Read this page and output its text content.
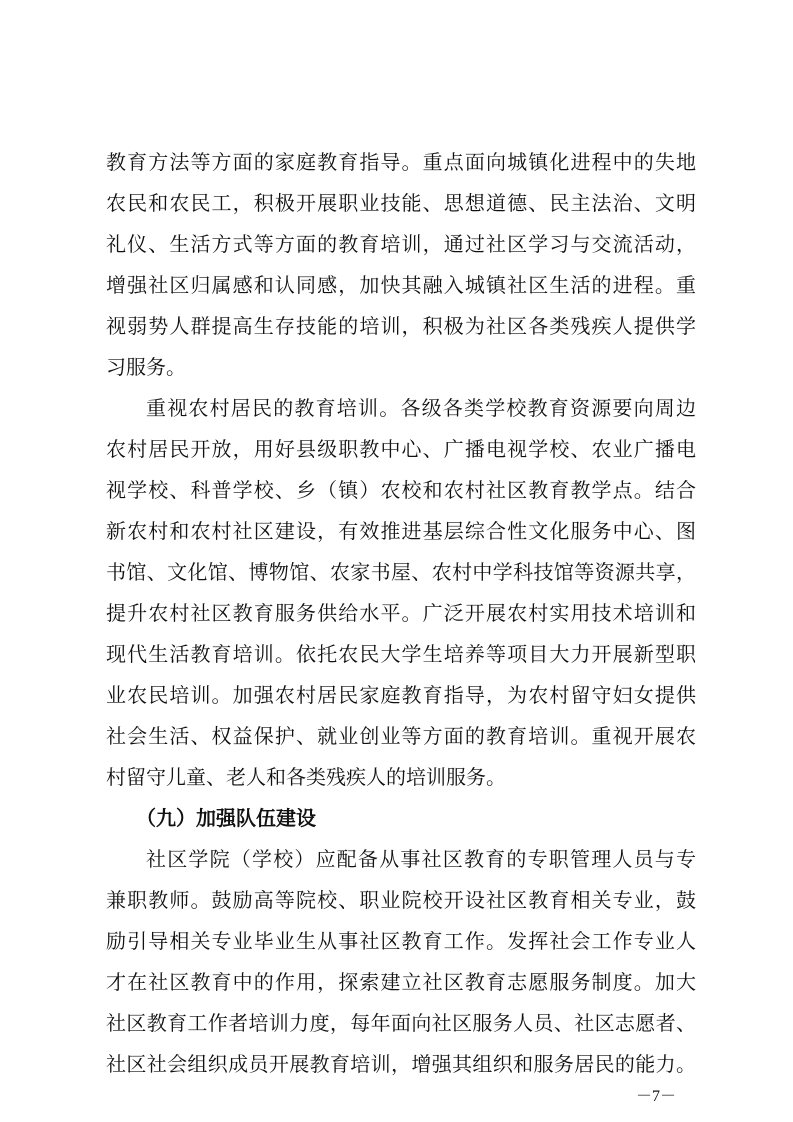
教育方法等方面的家庭教育指导。重点面向城镇化进程中的失地
农民和农民工，积极开展职业技能、思想道德、民主法治、文明
礼仪、生活方式等方面的教育培训，通过社区学习与交流活动，
增强社区归属感和认同感，加快其融入城镇社区生活的进程。重
视弱势人群提高生存技能的培训，积极为社区各类残疾人提供学
习服务。
重视农村居民的教育培训。各级各类学校教育资源要向周边
农村居民开放，用好县级职教中心、广播电视学校、农业广播电
视学校、科普学校、乡（镇）农校和农村社区教育教学点。结合
新农村和农村社区建设，有效推进基层综合性文化服务中心、图
书馆、文化馆、博物馆、农家书屋、农村中学科技馆等资源共享，
提升农村社区教育服务供给水平。广泛开展农村实用技术培训和
现代生活教育培训。依托农民大学生培养等项目大力开展新型职
业农民培训。加强农村居民家庭教育指导，为农村留守妇女提供
社会生活、权益保护、就业创业等方面的教育培训。重视开展农
村留守儿童、老人和各类残疾人的培训服务。
（九）加强队伍建设
社区学院（学校）应配备从事社区教育的专职管理人员与专
兼职教师。鼓励高等院校、职业院校开设社区教育相关专业，鼓
励引导相关专业毕业生从事社区教育工作。发挥社会工作专业人
才在社区教育中的作用，探索建立社区教育志愿服务制度。加大
社区教育工作者培训力度，每年面向社区服务人员、社区志愿者、
社区社会组织成员开展教育培训，增强其组织和服务居民的能力。
－7－
